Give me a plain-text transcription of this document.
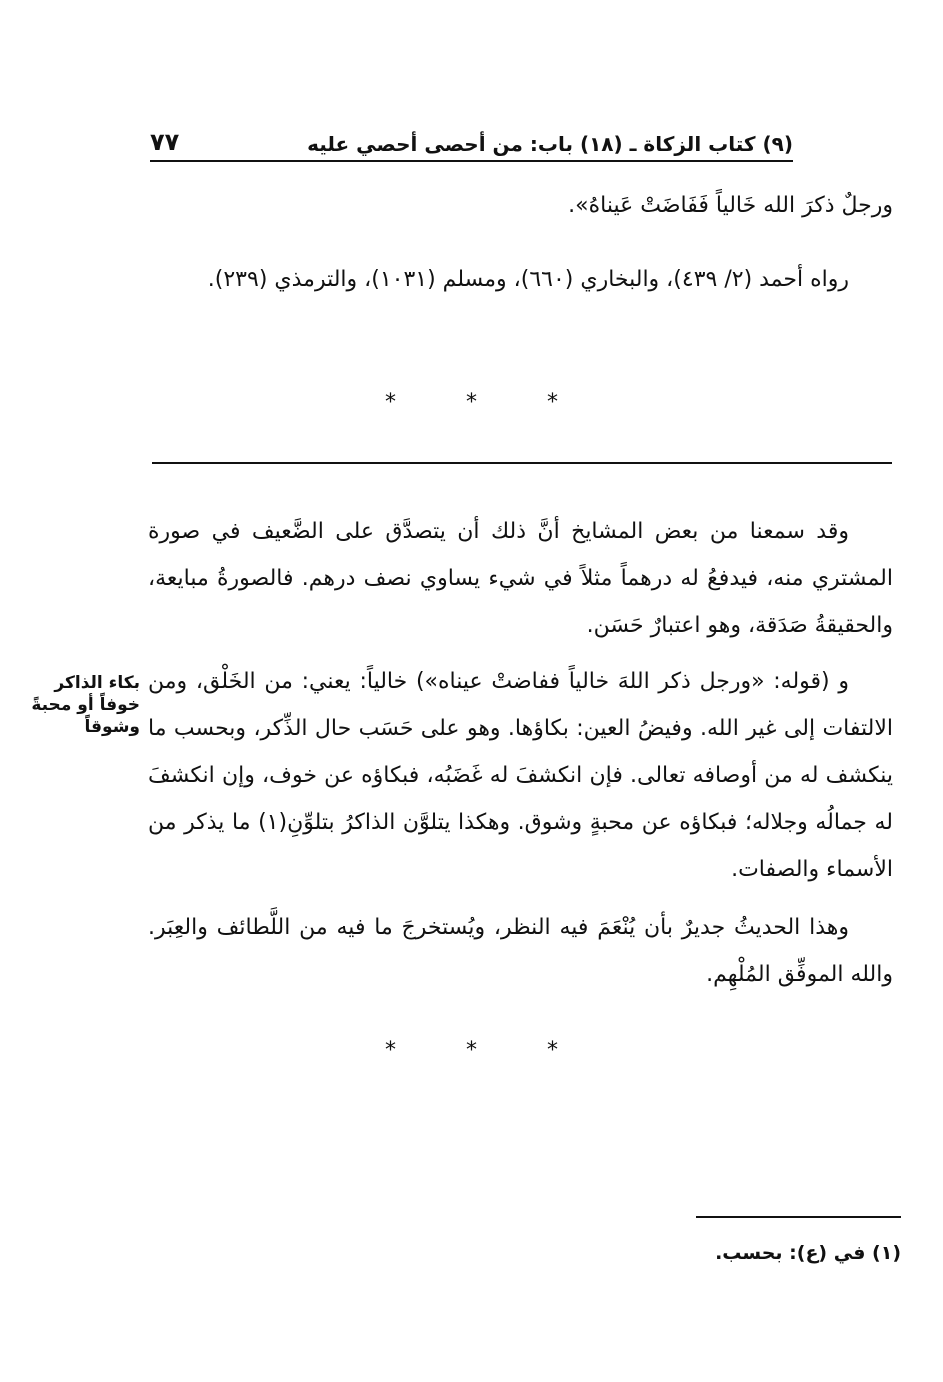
(٩) كتاب الزكاة ـ (١٨) باب: من أحصى أحصي عليه
٧٧

ورجلٌ ذكرَ الله خَالياً فَفَاضَتْ عَيناهُ».

رواه أحمد (٢/ ٤٣٩)، والبخاري (٦٦٠)، ومسلم (١٠٣١)، والترمذي (٢٣٩).

*	*	*

وقد سمعنا من بعض المشايخ أنَّ ذلك أن يتصدَّق على الضَّعيف في صورة المشتري منه، فيدفعُ له درهماً مثلاً في شيء يساوي نصف درهم. فالصورةُ مبايعة، والحقيقةُ صَدَقة، وهو اعتبارٌ حَسَن.

بكاء الذاكر خوفاً أو محبةً وشوقاً

و (قوله: «ورجل ذكر اللهَ خالياً ففاضتْ عيناه») خالياً: يعني: من الخَلْق، ومن الالتفات إلى غير الله. وفيضُ العين: بكاؤها. وهو على حَسَب حال الذِّكر، وبحسب ما ينكشف له من أوصافه تعالى. فإن انكشفَ له غَضَبُه، فبكاؤه عن خوف، وإن انكشفَ له جمالُه وجلاله؛ فبكاؤه عن محبةٍ وشوق. وهكذا يتلوَّن الذاكرُ بتلوِّنِ(١) ما يذكر من الأسماء والصفات.

وهذا الحديثُ جديرٌ بأن يُنْعَمَ فيه النظر، ويُستخرجَ ما فيه من اللَّطائف والعِبَر. والله الموفِّق المُلْهِم.

*	*	*
(١) في (ع): بحسب.
